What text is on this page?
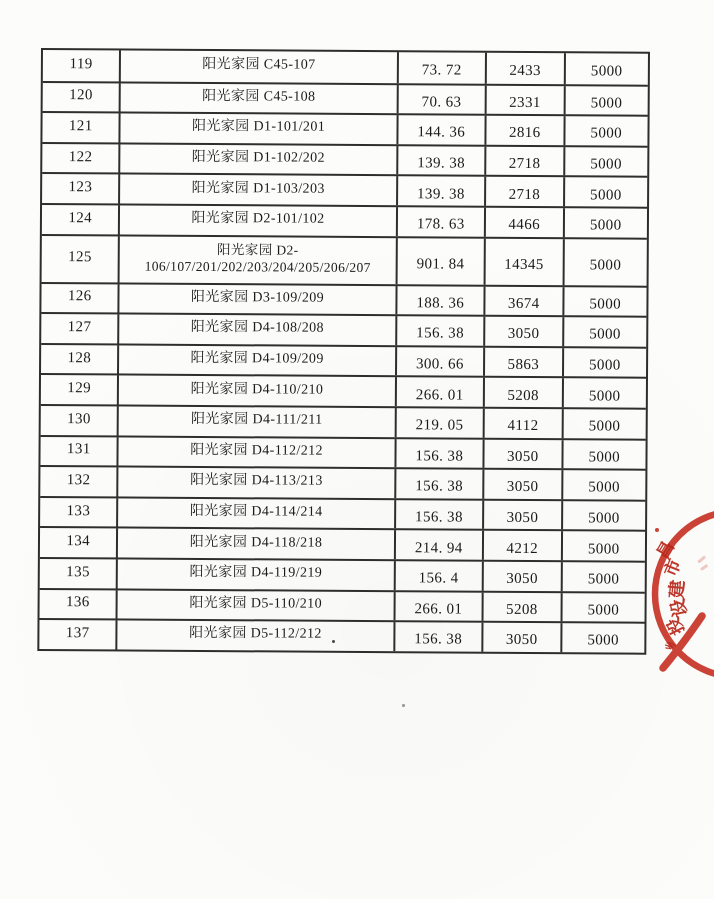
119	阳光家园 C45-107	73. 72	2433	5000
120	阳光家园 C45-108	70. 63	2331	5000
121	阳光家园 D1-101/201	144. 36	2816	5000
122	阳光家园 D1-102/202	139. 38	2718	5000
123	阳光家园 D1-103/203	139. 38	2718	5000
124	阳光家园 D2-101/102	178. 63	4466	5000
125	阳光家园 D2-
106/107/201/202/203/204/205/206/207	901. 84	14345	5000
126	阳光家园 D3-109/209	188. 36	3674	5000
127	阳光家园 D4-108/208	156. 38	3050	5000
128	阳光家园 D4-109/209	300. 66	5863	5000
129	阳光家园 D4-110/210	266. 01	5208	5000
130	阳光家园 D4-111/211	219. 05	4112	5000
131	阳光家园 D4-112/212	156. 38	3050	5000
132	阳光家园 D4-113/213	156. 38	3050	5000
133	阳光家园 D4-114/214	156. 38	3050	5000
134	阳光家园 D4-118/218	214. 94	4212	5000
135	阳光家园 D4-119/219	156. 4	3050	5000
136	阳光家园 D5-110/210	266. 01	5208	5000
137	阳光家园 D5-112/212	156. 38	3050	5000
昌
市
建
设
投
乡
